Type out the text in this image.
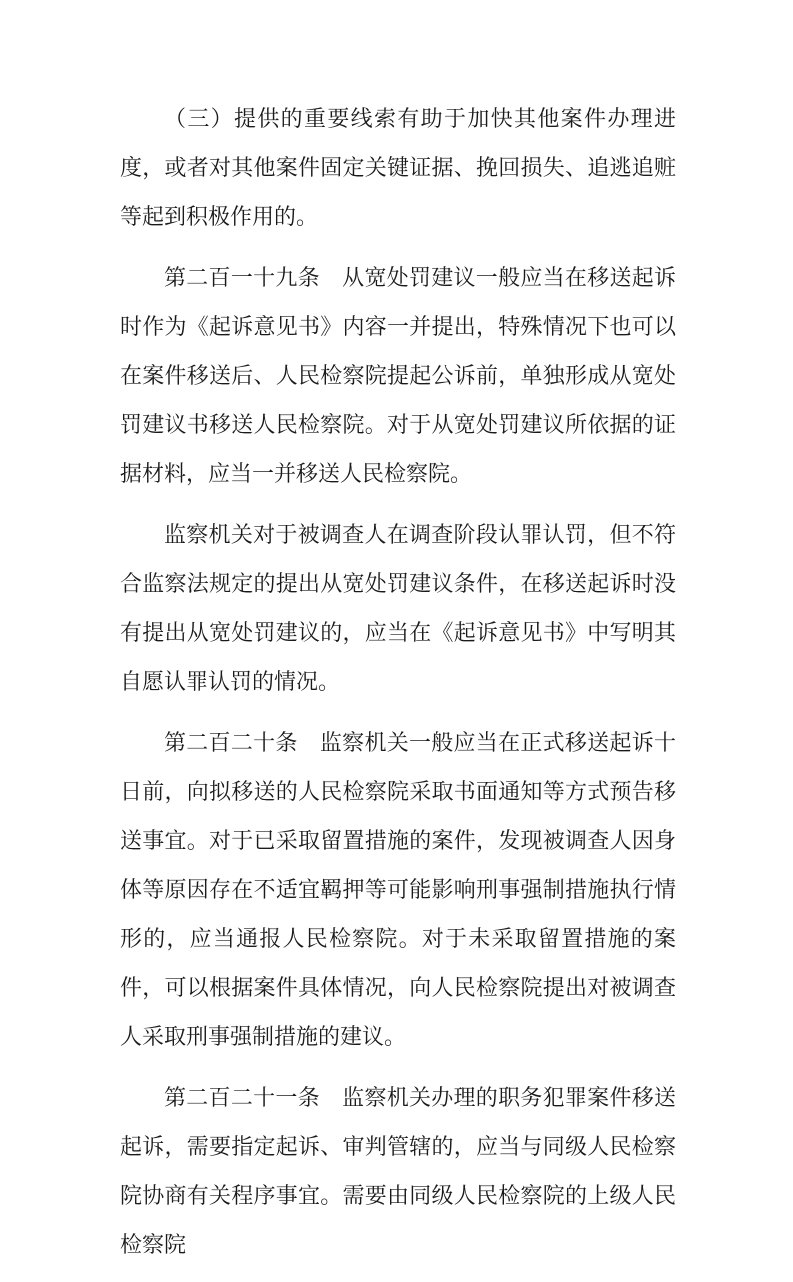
（三）提供的重要线索有助于加快其他案件办理进度，或者对其他案件固定关键证据、挽回损失、追逃追赃等起到积极作用的。

第二百一十九条　从宽处罚建议一般应当在移送起诉时作为《起诉意见书》内容一并提出，特殊情况下也可以在案件移送后、人民检察院提起公诉前，单独形成从宽处罚建议书移送人民检察院。对于从宽处罚建议所依据的证据材料，应当一并移送人民检察院。

监察机关对于被调查人在调查阶段认罪认罚，但不符合监察法规定的提出从宽处罚建议条件，在移送起诉时没有提出从宽处罚建议的，应当在《起诉意见书》中写明其自愿认罪认罚的情况。

第二百二十条　监察机关一般应当在正式移送起诉十日前，向拟移送的人民检察院采取书面通知等方式预告移送事宜。对于已采取留置措施的案件，发现被调查人因身体等原因存在不适宜羁押等可能影响刑事强制措施执行情形的，应当通报人民检察院。对于未采取留置措施的案件，可以根据案件具体情况，向人民检察院提出对被调查人采取刑事强制措施的建议。

第二百二十一条　监察机关办理的职务犯罪案件移送起诉，需要指定起诉、审判管辖的，应当与同级人民检察院协商有关程序事宜。需要由同级人民检察院的上级人民检察院
